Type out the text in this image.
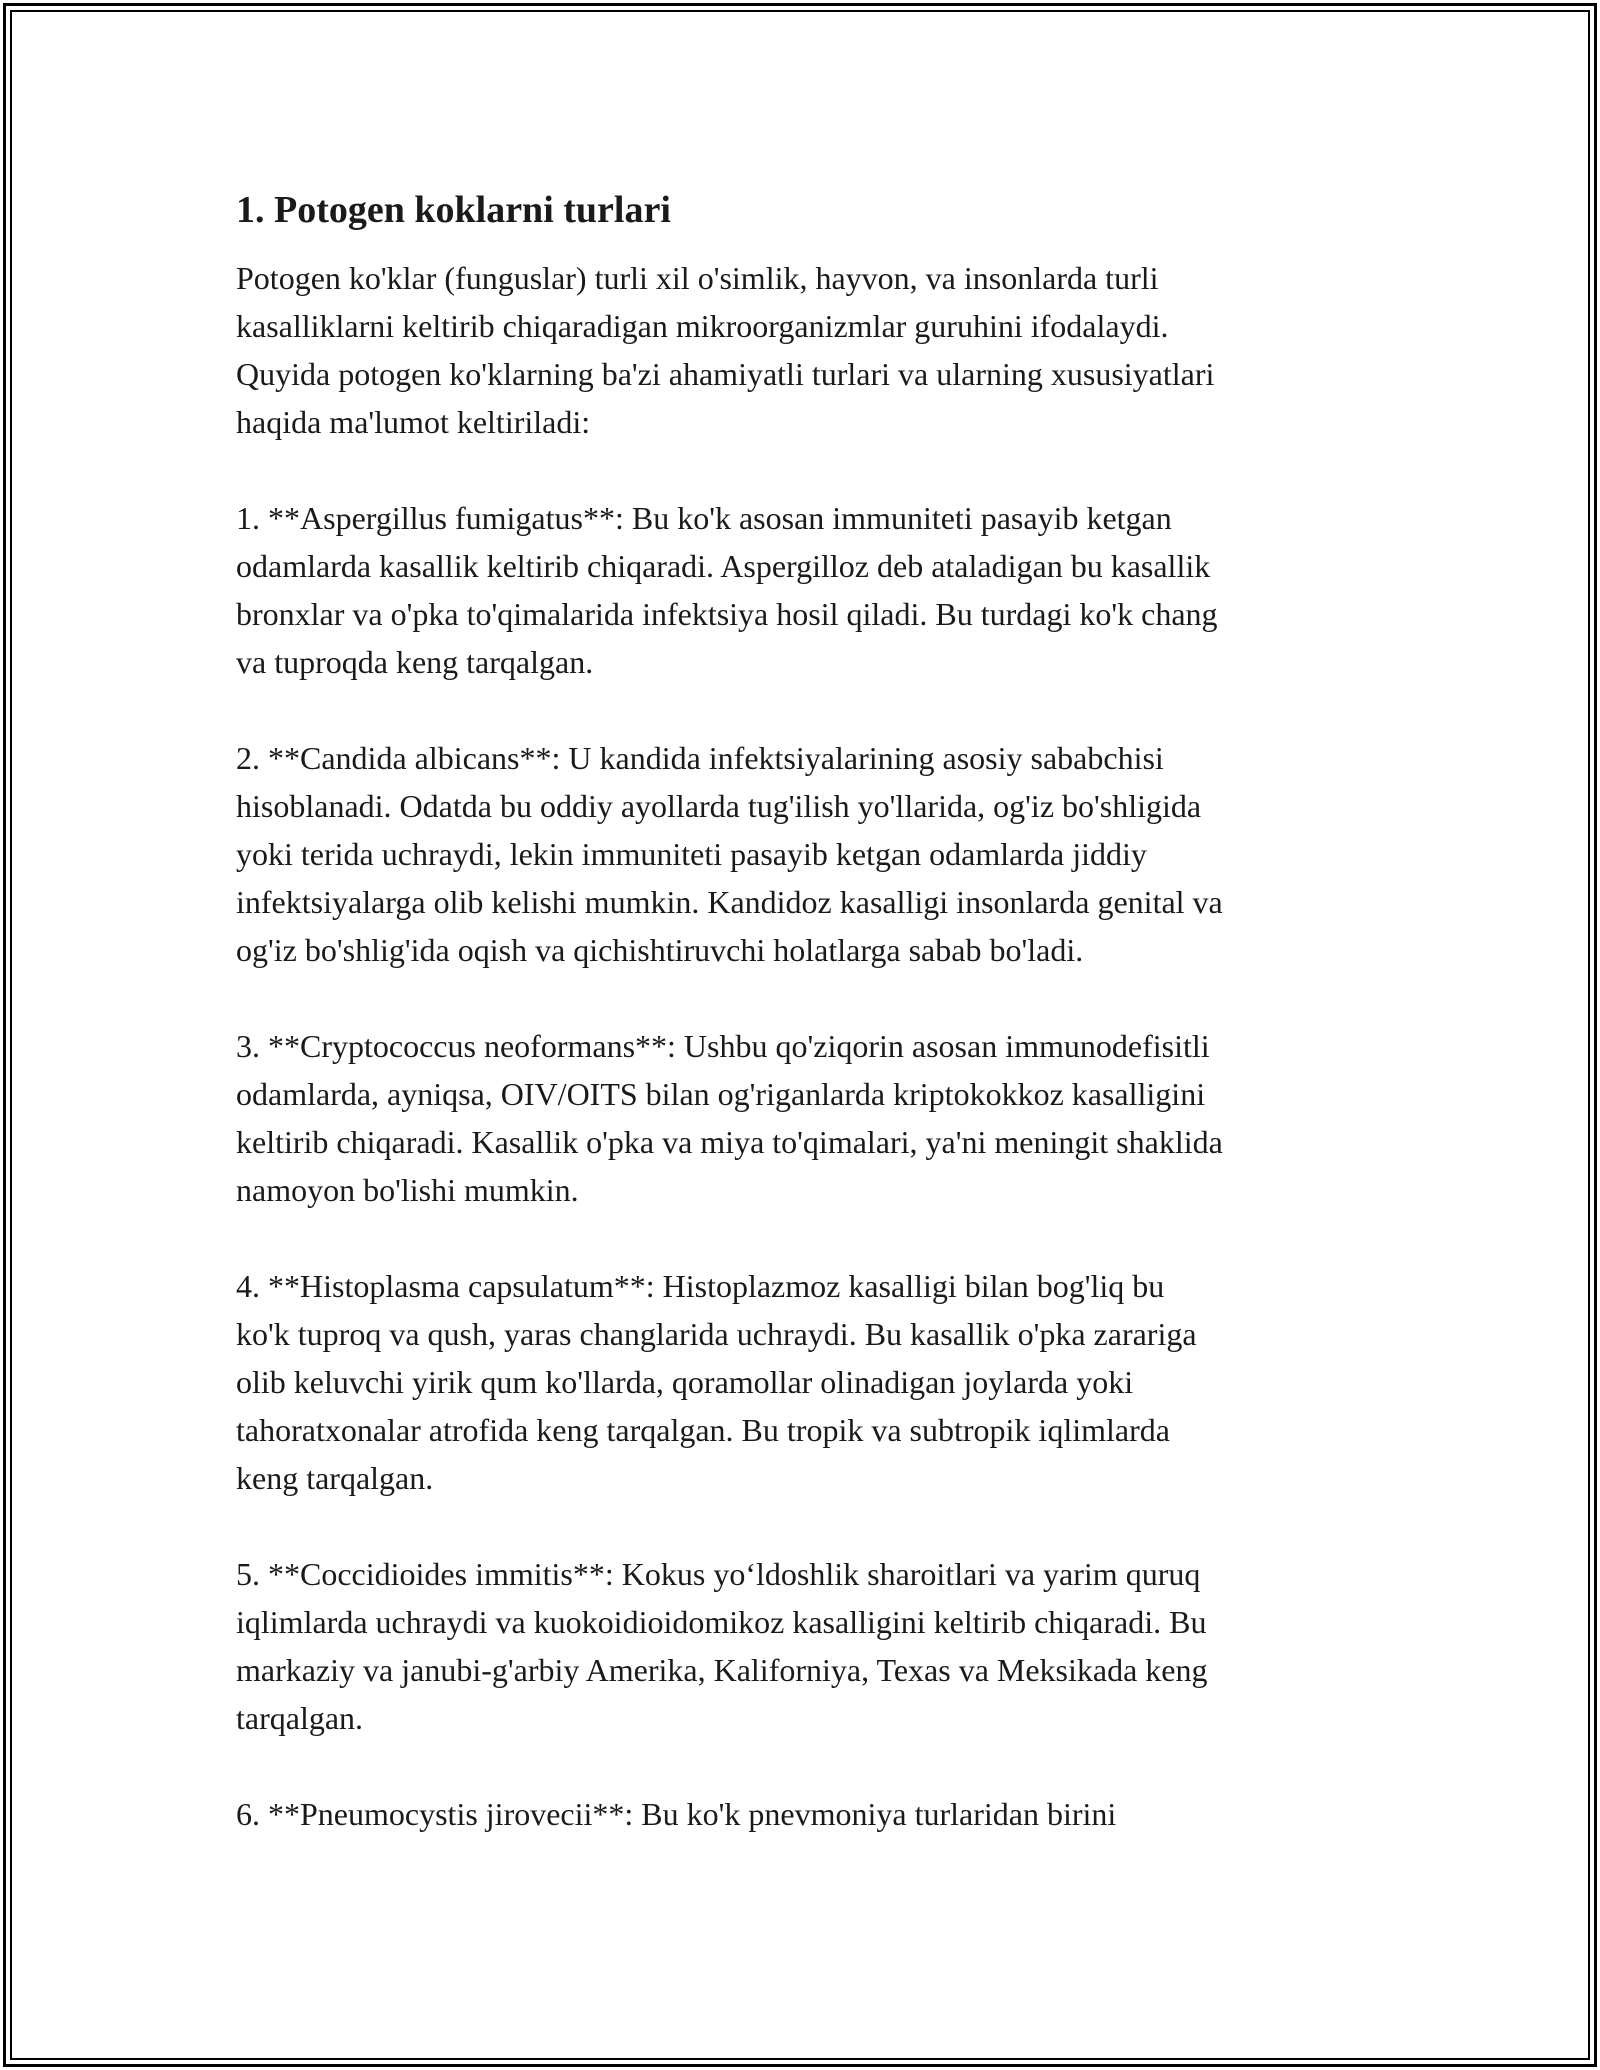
1. Potogen koklarni turlari

Potogen ko'klar (funguslar) turli xil o'simlik, hayvon, va insonlarda turli
kasalliklarni keltirib chiqaradigan mikroorganizmlar guruhini ifodalaydi.
Quyida potogen ko'klarning ba'zi ahamiyatli turlari va ularning xususiyatlari
haqida ma'lumot keltiriladi:

1. **Aspergillus fumigatus**: Bu ko'k asosan immuniteti pasayib ketgan
odamlarda kasallik keltirib chiqaradi. Aspergilloz deb ataladigan bu kasallik
bronxlar va o'pka to'qimalarida infektsiya hosil qiladi. Bu turdagi ko'k chang
va tuproqda keng tarqalgan.

2. **Candida albicans**: U kandida infektsiyalarining asosiy sababchisi
hisoblanadi. Odatda bu oddiy ayollarda tug'ilish yo'llarida, og'iz bo'shligida
yoki terida uchraydi, lekin immuniteti pasayib ketgan odamlarda jiddiy
infektsiyalarga olib kelishi mumkin. Kandidoz kasalligi insonlarda genital va
og'iz bo'shlig'ida oqish va qichishtiruvchi holatlarga sabab bo'ladi.

3. **Cryptococcus neoformans**: Ushbu qo'ziqorin asosan immunodefisitli
odamlarda, ayniqsa, OIV/OITS bilan og'riganlarda kriptokokkoz kasalligini
keltirib chiqaradi. Kasallik o'pka va miya to'qimalari, ya'ni meningit shaklida
namoyon bo'lishi mumkin.

4. **Histoplasma capsulatum**: Histoplazmoz kasalligi bilan bog'liq bu
ko'k tuproq va qush, yaras changlarida uchraydi. Bu kasallik o'pka zarariga
olib keluvchi yirik qum ko'llarda, qoramollar olinadigan joylarda yoki
tahoratxonalar atrofida keng tarqalgan. Bu tropik va subtropik iqlimlarda
keng tarqalgan.

5. **Coccidioides immitis**: Kokus yo‘ldoshlik sharoitlari va yarim quruq
iqlimlarda uchraydi va kuokoidioidomikoz kasalligini keltirib chiqaradi. Bu
markaziy va janubi-g'arbiy Amerika, Kaliforniya, Texas va Meksikada keng
tarqalgan.

6. **Pneumocystis jirovecii**: Bu ko'k pnevmoniya turlaridan birini
